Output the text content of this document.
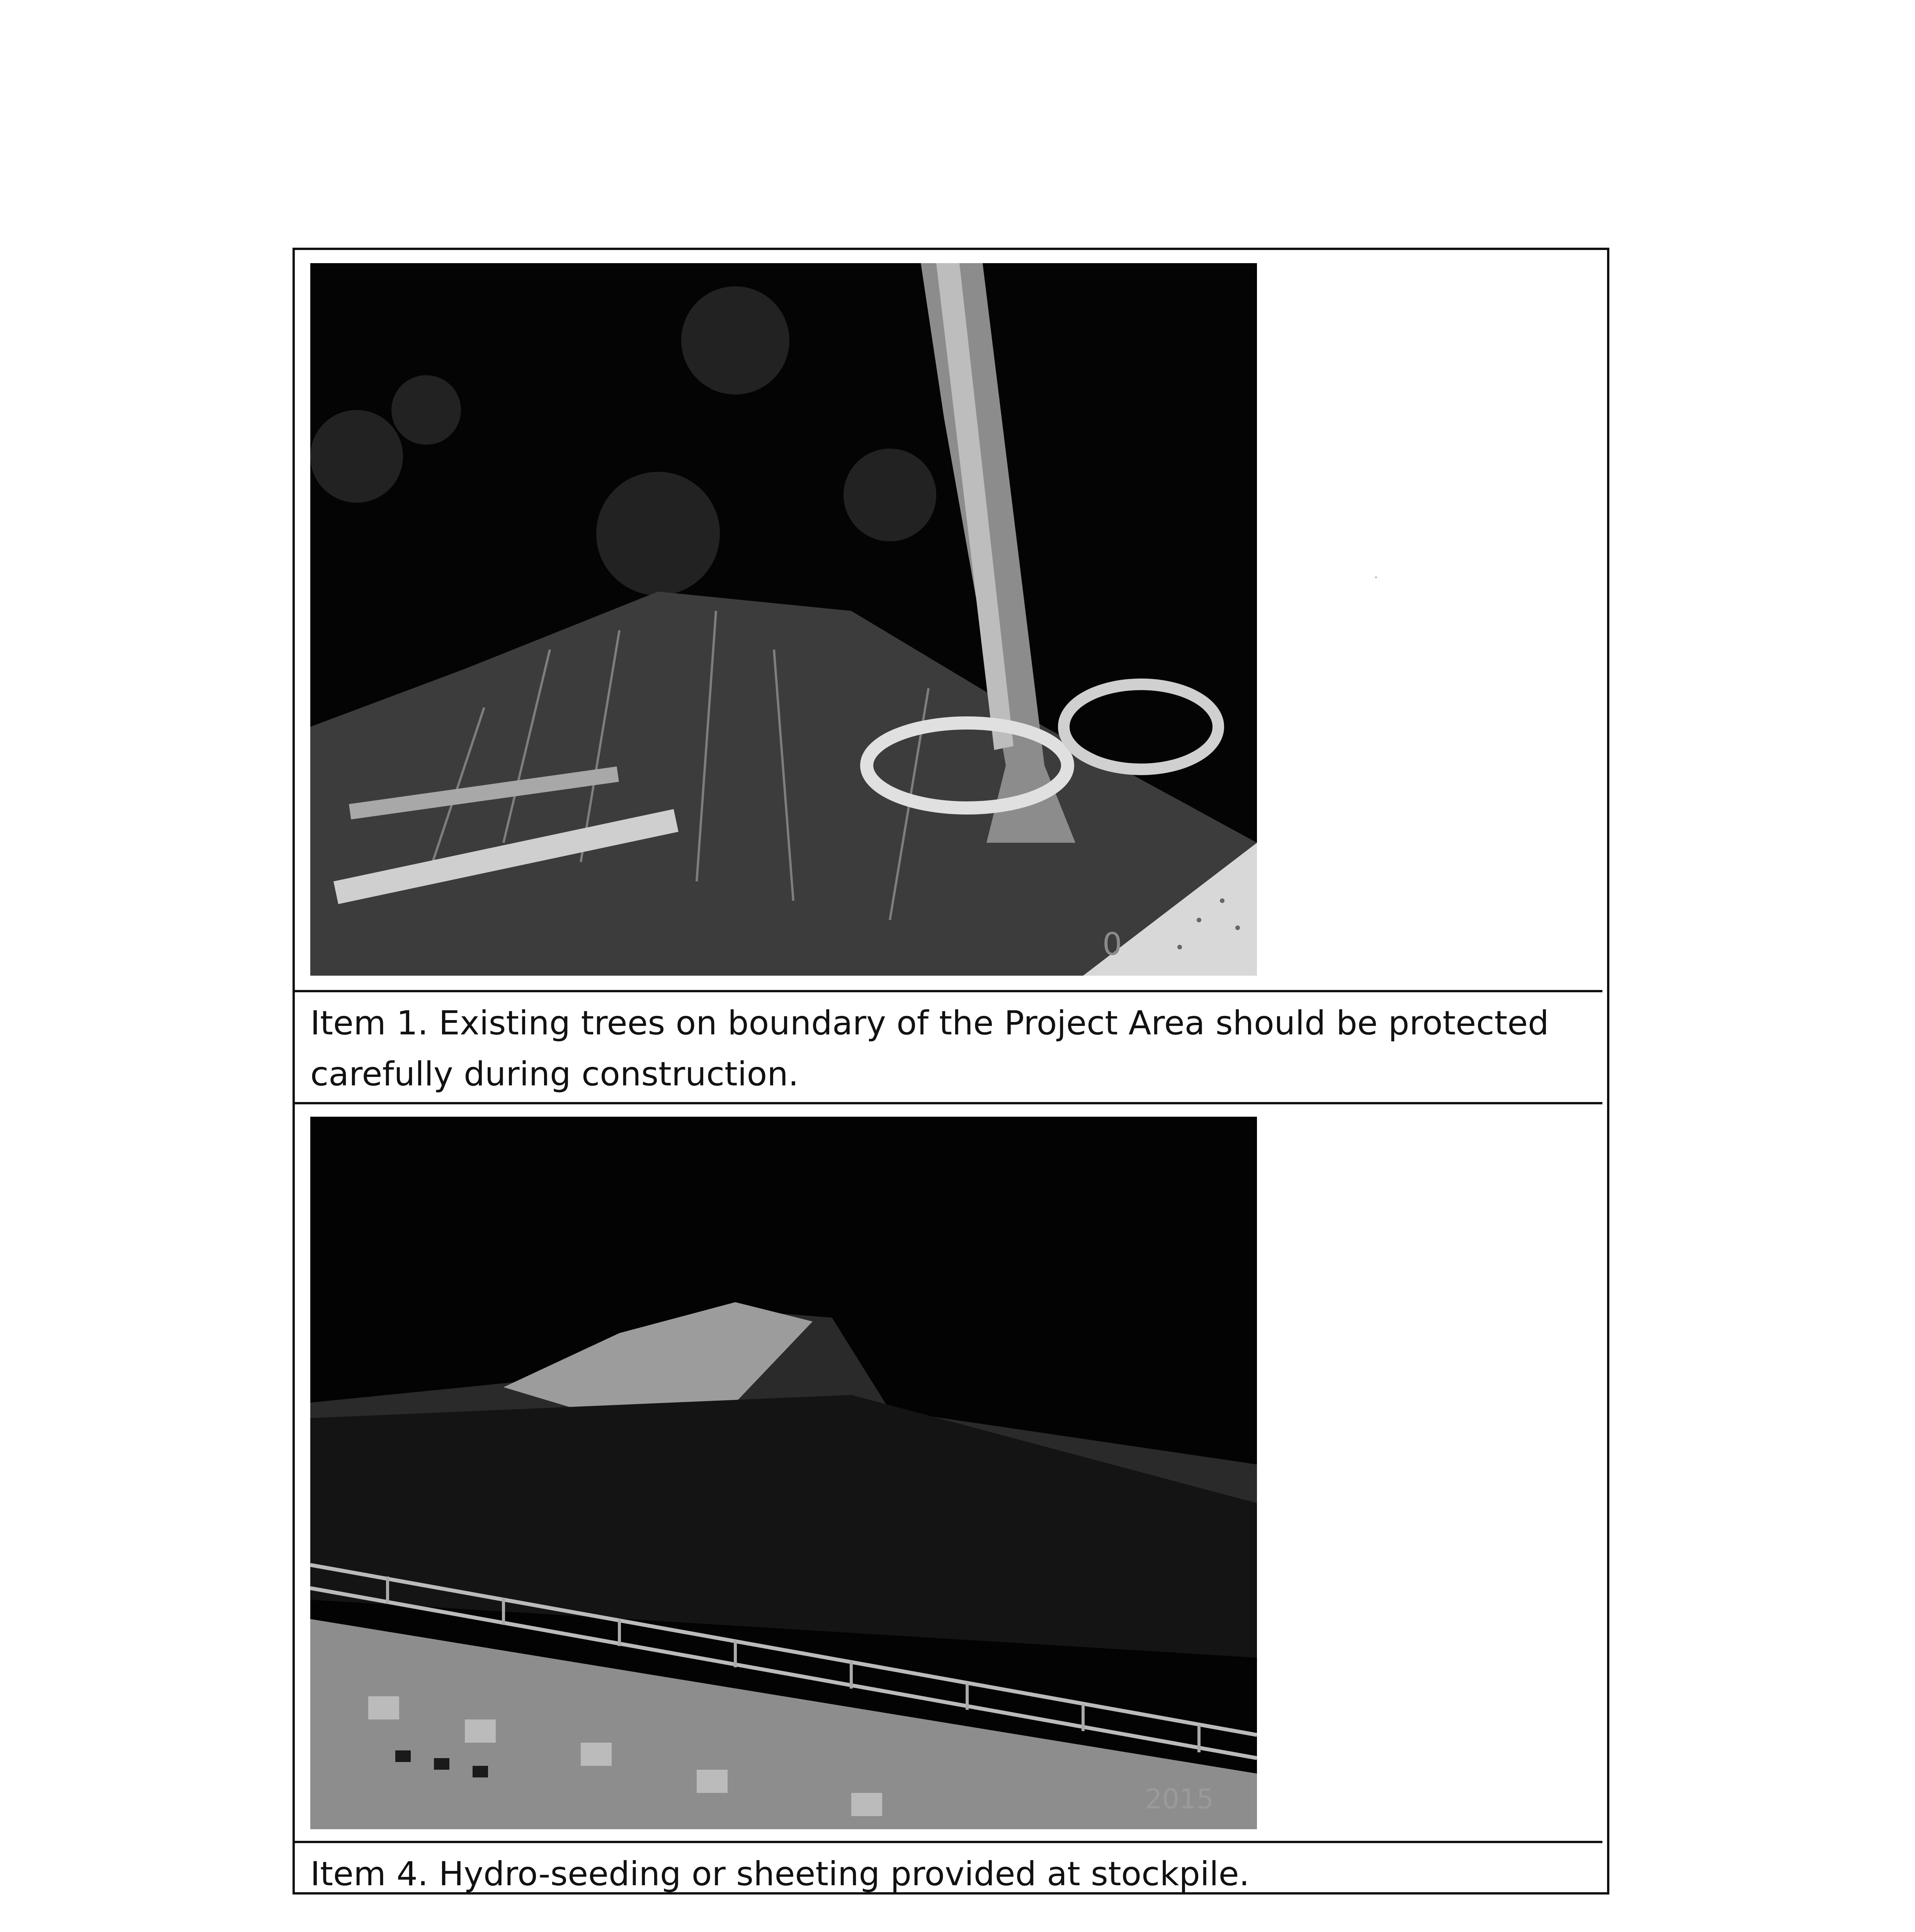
0
Item 1. Existing trees on boundary of the Project Area should be protected carefully during construction.
2015
Item 4. Hydro-seeding or sheeting provided at stockpile.
